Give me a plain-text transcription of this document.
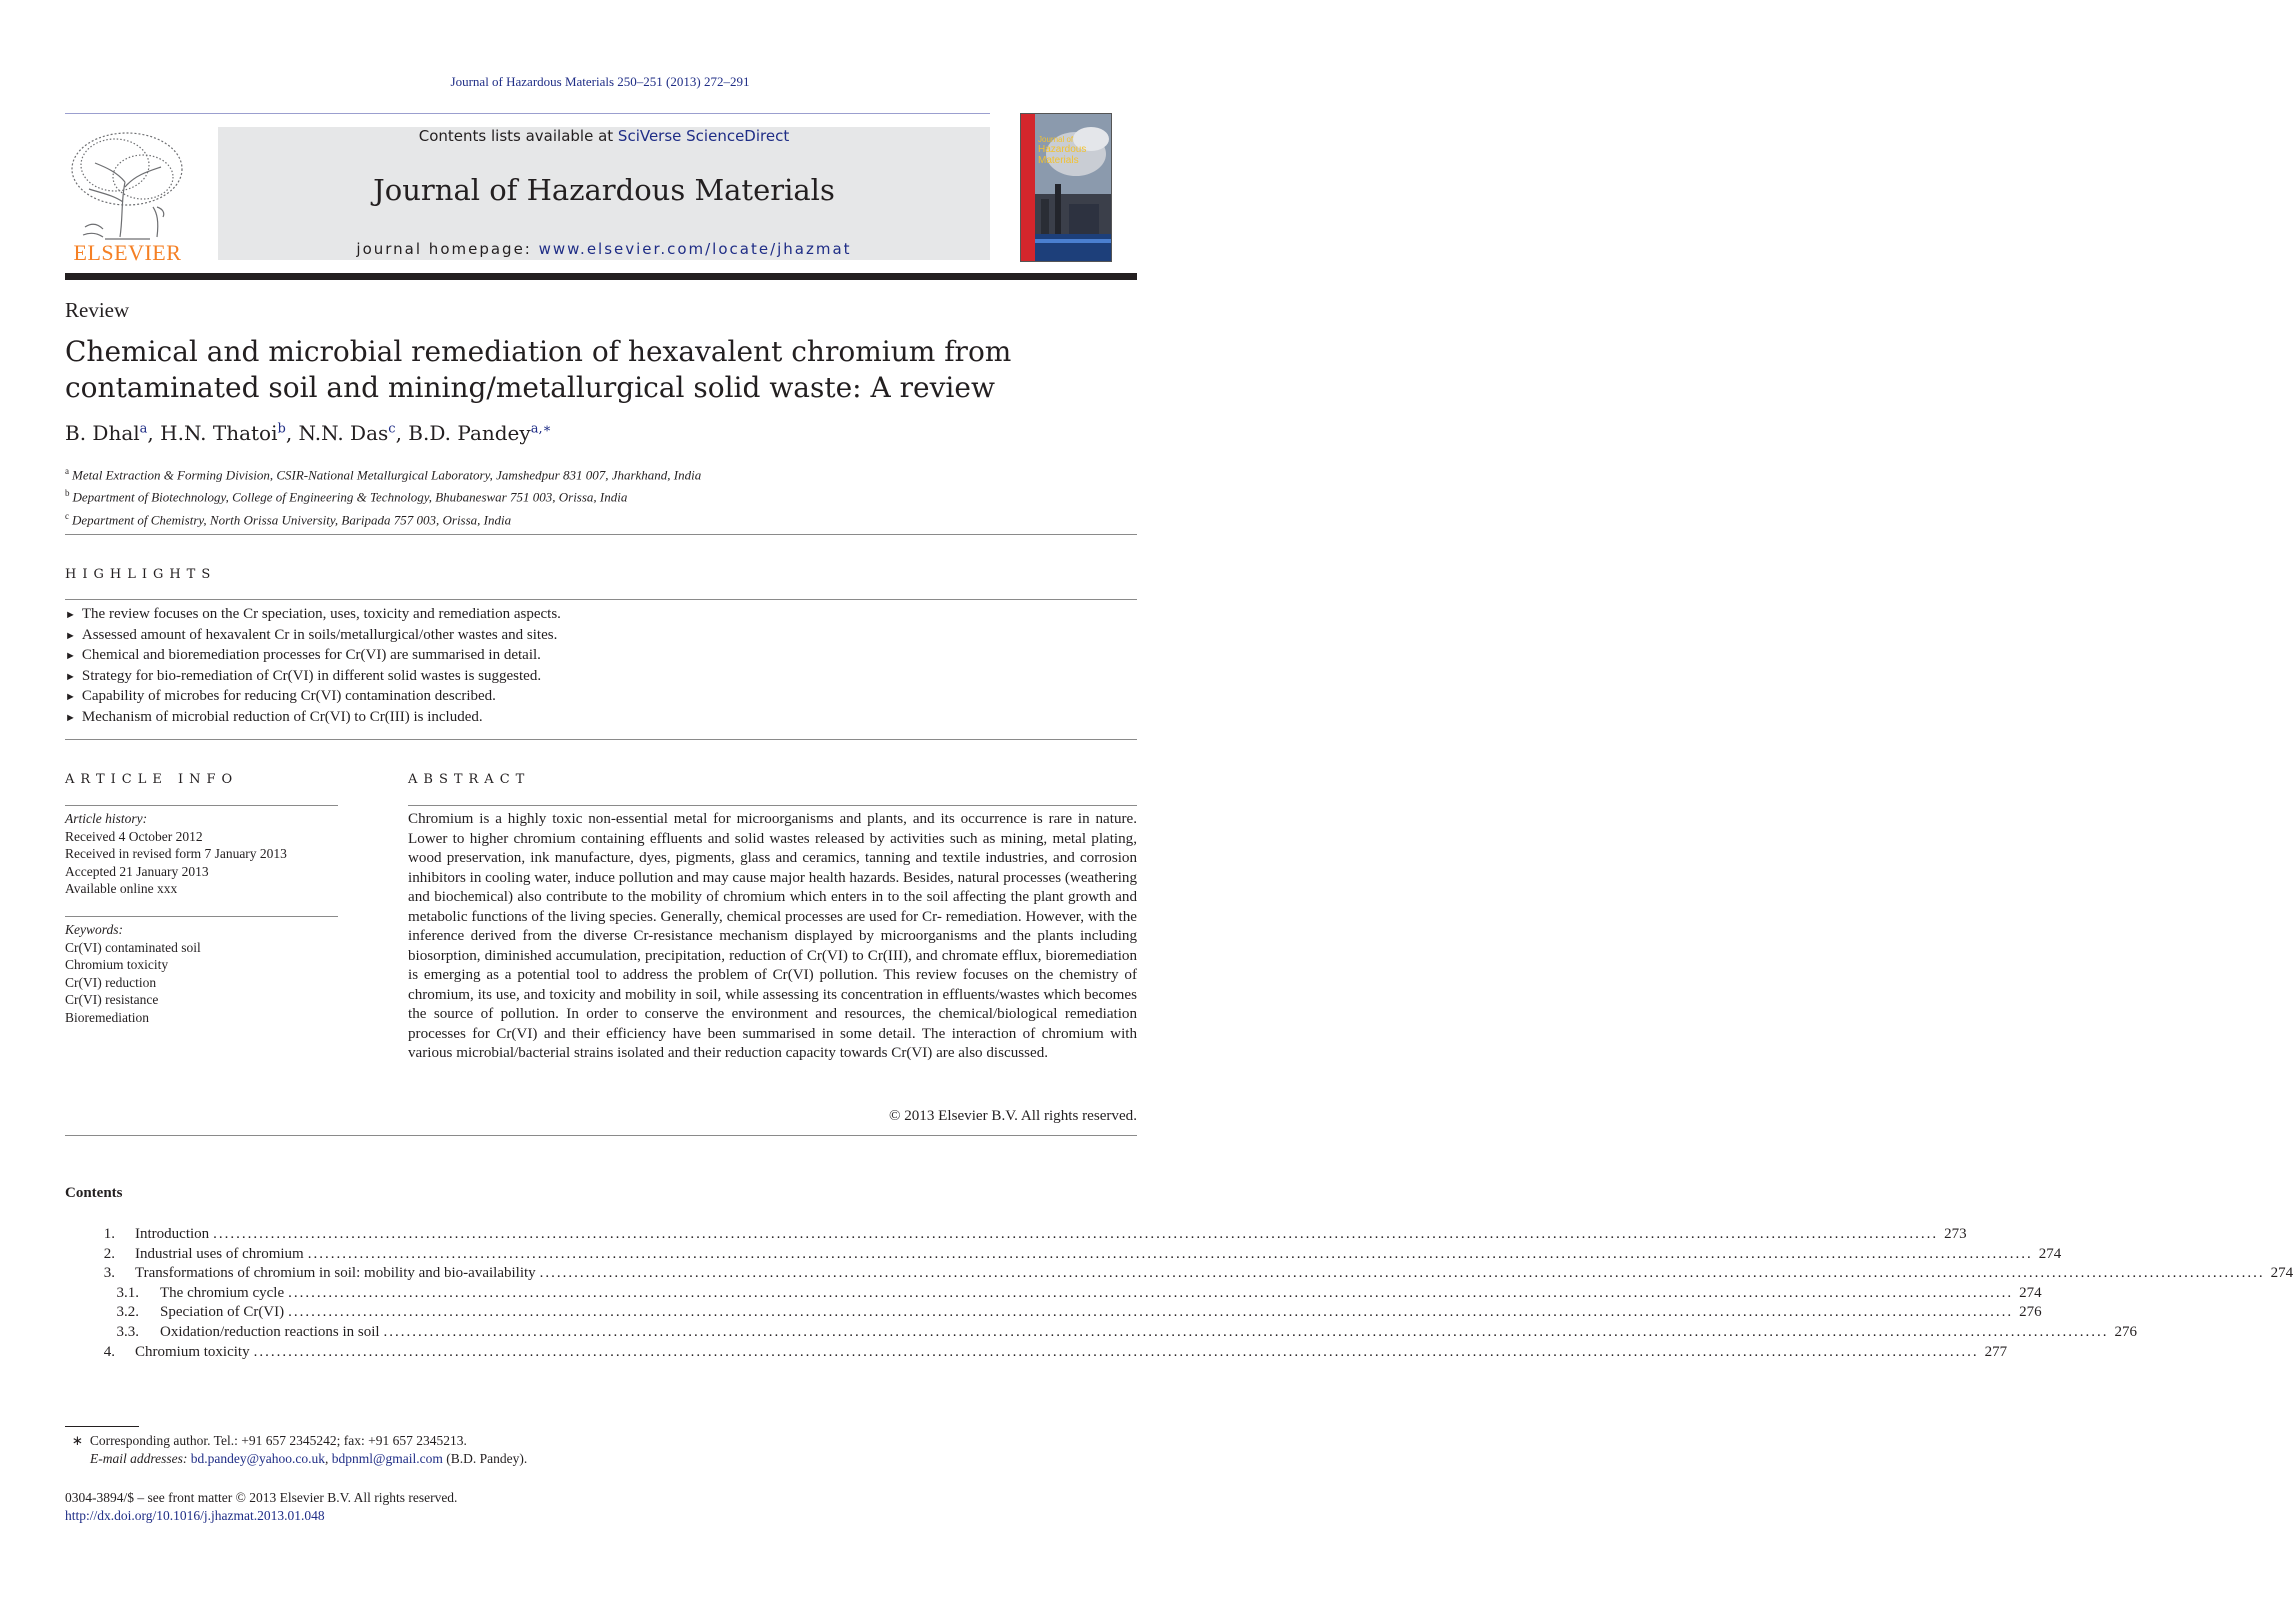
Journal of Hazardous Materials 250–251 (2013) 272–291
ELSEVIER
Contents lists available at SciVerse ScienceDirect
Journal of Hazardous Materials
journal homepage: www.elsevier.com/locate/jhazmat
Journal of
Hazardous
Materials
Review
Chemical and microbial remediation of hexavalent chromium from contaminated soil and mining/metallurgical solid waste: A review
B. Dhal$^a$, H.N. Thatoi$^b$, N.N. Das$^c$, B.D. Pandey$^{a,∗}$
$^a$ Metal Extraction & Forming Division, CSIR-National Metallurgical Laboratory, Jamshedpur 831 007, Jharkhand, India
$^b$ Department of Biotechnology, College of Engineering & Technology, Bhubaneswar 751 003, Orissa, India
$^c$ Department of Chemistry, North Orissa University, Baripada 757 003, Orissa, India
HIGHLIGHTS
► The review focuses on the Cr speciation, uses, toxicity and remediation aspects.
► Assessed amount of hexavalent Cr in soils/metallurgical/other wastes and sites.
► Chemical and bioremediation processes for Cr(VI) are summarised in detail.
► Strategy for bio-remediation of Cr(VI) in different solid wastes is suggested.
► Capability of microbes for reducing Cr(VI) contamination described.
► Mechanism of microbial reduction of Cr(VI) to Cr(III) is included.
ARTICLE INFO
Article history:
Received 4 October 2012
Received in revised form 7 January 2013
Accepted 21 January 2013
Available online xxx
Keywords:
Cr(VI) contaminated soil
Chromium toxicity
Cr(VI) reduction
Cr(VI) resistance
Bioremediation
ABSTRACT

Chromium is a highly toxic non-essential metal for microorganisms and plants, and its occurrence is rare in nature. Lower to higher chromium containing effluents and solid wastes released by activities such as mining, metal plating, wood preservation, ink manufacture, dyes, pigments, glass and ceramics, tanning and textile industries, and corrosion inhibitors in cooling water, induce pollution and may cause major health hazards. Besides, natural processes (weathering and biochemical) also contribute to the mobility of chromium which enters in to the soil affecting the plant growth and metabolic functions of the living species. Generally, chemical processes are used for Cr- remediation. However, with the inference derived from the diverse Cr-resistance mechanism displayed by microorganisms and the plants including biosorption, diminished accumulation, precipitation, reduction of Cr(VI) to Cr(III), and chromate efflux, bioremediation is emerging as a potential tool to address the problem of Cr(VI) pollution. This review focuses on the chemistry of chromium, its use, and toxicity and mobility in soil, while assessing its concentration in effluents/wastes which becomes the source of pollution. In order to conserve the environment and resources, the chemical/biological remediation processes for Cr(VI) and their efficiency have been summarised in some detail. The interaction of chromium with various microbial/bacterial strains isolated and their reduction capacity towards Cr(VI) are also discussed.

© 2013 Elsevier B.V. All rights reserved.
Contents
1.	Introduction ............................................................................................................................................................................................................................................................................................................ 273
2.	Industrial uses of chromium ............................................................................................................................................................................................................................................................................................................ 274
3.	Transformations of chromium in soil: mobility and bio-availability ............................................................................................................................................................................................................................................................................................................ 274
3.1.	The chromium cycle ............................................................................................................................................................................................................................................................................................................ 274
3.2.	Speciation of Cr(VI) ............................................................................................................................................................................................................................................................................................................ 276
3.3.	Oxidation/reduction reactions in soil ............................................................................................................................................................................................................................................................................................................ 276
4.	Chromium toxicity ............................................................................................................................................................................................................................................................................................................ 277
∗ Corresponding author. Tel.: +91 657 2345242; fax: +91 657 2345213.
E-mail addresses: bd.pandey@yahoo.co.uk, bdpnml@gmail.com (B.D. Pandey).
0304-3894/$ – see front matter © 2013 Elsevier B.V. All rights reserved.
http://dx.doi.org/10.1016/j.jhazmat.2013.01.048
